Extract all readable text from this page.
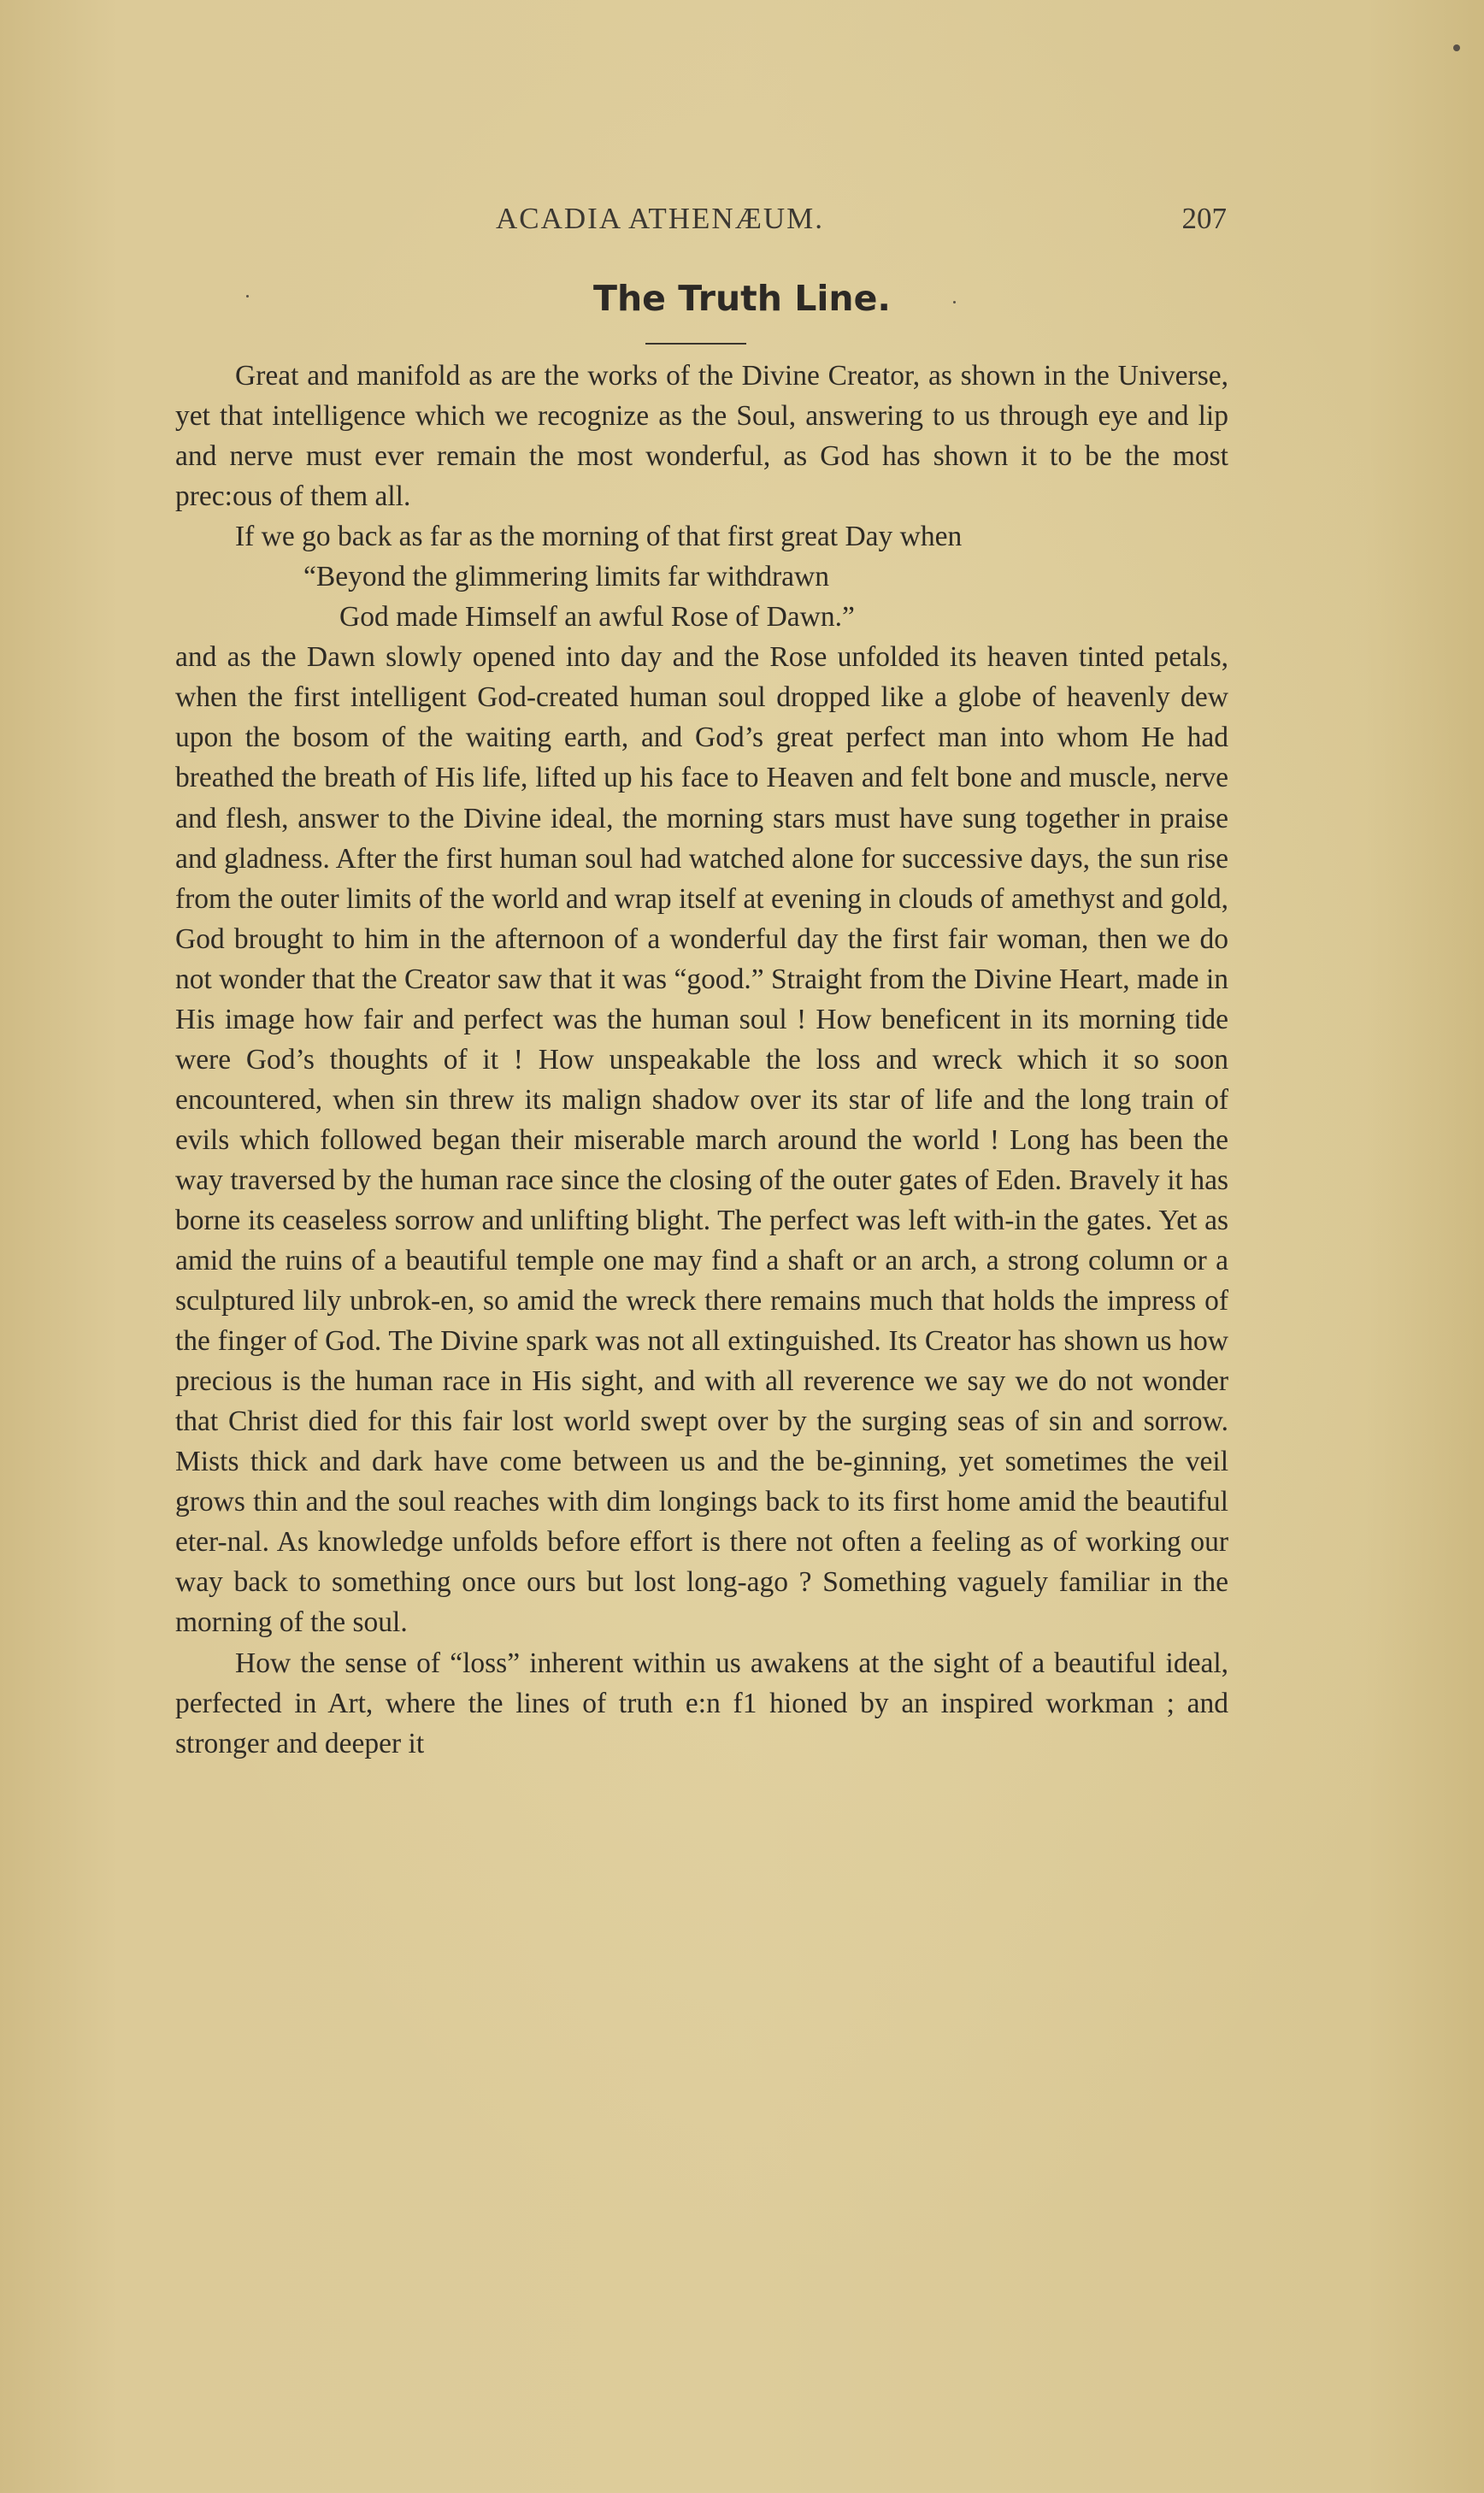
ACADIA ATHENÆUM.	207
The Truth Line.

Great and manifold as are the works of the Divine Creator, as shown in the Universe, yet that intelligence which we recognize as the Soul, answering to us through eye and lip and nerve must ever remain the most wonderful, as God has shown it to be the most prec:ous of them all.

If we go back as far as the morning of that first great Day when

“Beyond the glimmering limits far withdrawn
God made Himself an awful Rose of Dawn.”

and as the Dawn slowly opened into day and the Rose unfolded its heaven tinted petals, when the first intelligent God-created human soul dropped like a globe of heavenly dew upon the bosom of the waiting earth, and God’s great perfect man into whom He had breathed the breath of His life, lifted up his face to Heaven and felt bone and muscle, nerve and flesh, answer to the Divine ideal, the morning stars must have sung together in praise and gladness. After the first human soul had watched alone for successive days, the sun rise from the outer limits of the world and wrap itself at evening in clouds of amethyst and gold, God brought to him in the afternoon of a wonderful day the first fair woman, then we do not wonder that the Creator saw that it was “good.” Straight from the Divine Heart, made in His image how fair and perfect was the human soul ! How beneficent in its morning tide were God’s thoughts of it ! How unspeakable the loss and wreck which it so soon encountered, when sin threw its malign shadow over its star of life and the long train of evils which followed began their miserable march around the world ! Long has been the way traversed by the human race since the closing of the outer gates of Eden. Bravely it has borne its ceaseless sorrow and unlifting blight. The perfect was left with-in the gates. Yet as amid the ruins of a beautiful temple one may find a shaft or an arch, a strong column or a sculptured lily unbrok-en, so amid the wreck there remains much that holds the impress of the finger of God. The Divine spark was not all extinguished. Its Creator has shown us how precious is the human race in His sight, and with all reverence we say we do not wonder that Christ died for this fair lost world swept over by the surging seas of sin and sorrow. Mists thick and dark have come between us and the be-ginning, yet sometimes the veil grows thin and the soul reaches with dim longings back to its first home amid the beautiful eter-nal. As knowledge unfolds before effort is there not often a feeling as of working our way back to something once ours but lost long-ago ? Something vaguely familiar in the morning of the soul.

How the sense of “loss” inherent within us awakens at the sight of a beautiful ideal, perfected in Art, where the lines of truth e:n f1 hioned by an inspired workman ; and stronger and deeper it
